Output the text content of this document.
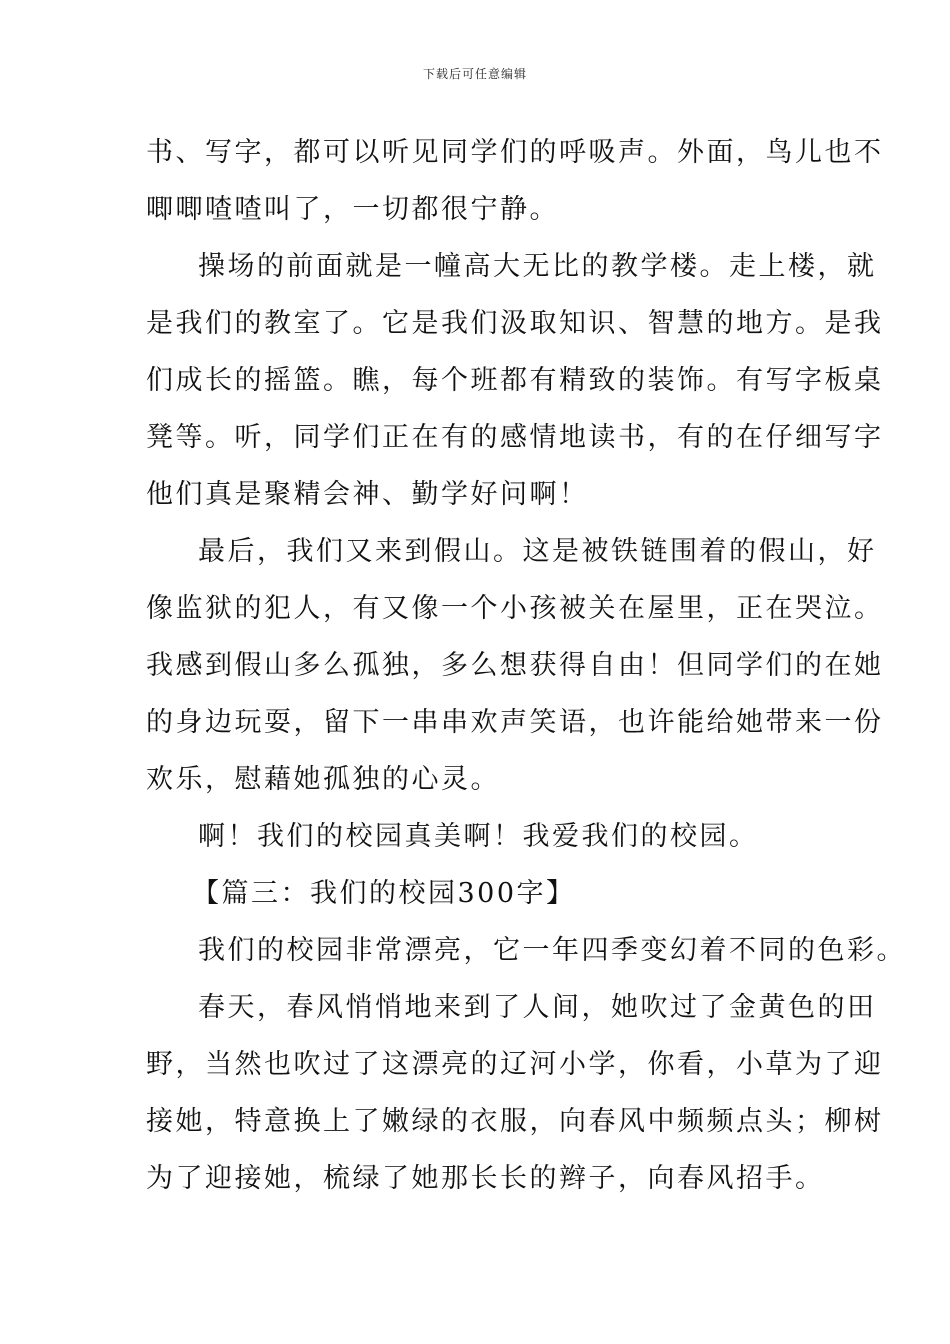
下载后可任意编辑
书、写字，都可以听见同学们的呼吸声。外面，鸟儿也不
唧唧喳喳叫了，一切都很宁静。
操场的前面就是一幢高大无比的教学楼。走上楼，就
是我们的教室了。它是我们汲取知识、智慧的地方。是我
们成长的摇篮。瞧，每个班都有精致的装饰。有写字板桌
凳等。听，同学们正在有的感情地读书，有的在仔细写字
他们真是聚精会神、勤学好问啊！
最后，我们又来到假山。这是被铁链围着的假山，好
像监狱的犯人，有又像一个小孩被关在屋里，正在哭泣。
我感到假山多么孤独，多么想获得自由！但同学们的在她
的身边玩耍，留下一串串欢声笑语，也许能给她带来一份
欢乐，慰藉她孤独的心灵。
啊！我们的校园真美啊！我爱我们的校园。
【篇三：我们的校园300字】
我们的校园非常漂亮，它一年四季变幻着不同的色彩。
春天，春风悄悄地来到了人间，她吹过了金黄色的田
野，当然也吹过了这漂亮的辽河小学，你看，小草为了迎
接她，特意换上了嫩绿的衣服，向春风中频频点头；柳树
为了迎接她，梳绿了她那长长的辫子，向春风招手。
